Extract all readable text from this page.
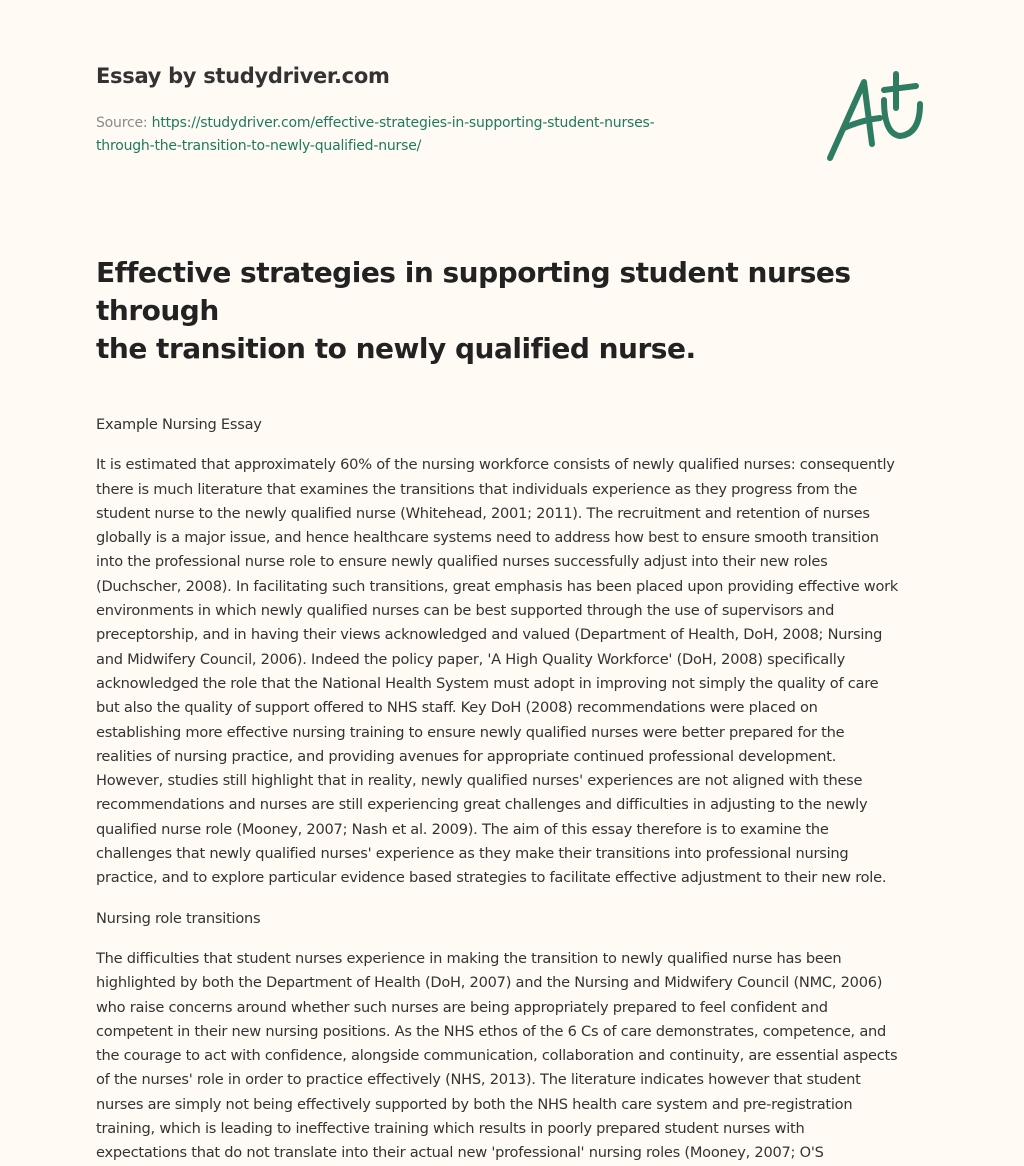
Essay by studydriver.com
Source: https://studydriver.com/effective-strategies-in-supporting-student-nurses-
through-the-transition-to-newly-qualified-nurse/
Effective strategies in supporting student nurses through
the transition to newly qualified nurse.
Example Nursing Essay
It is estimated that approximately 60% of the nursing workforce consists of newly qualified nurses: consequently
there is much literature that examines the transitions that individuals experience as they progress from the
student nurse to the newly qualified nurse (Whitehead, 2001; 2011). The recruitment and retention of nurses
globally is a major issue, and hence healthcare systems need to address how best to ensure smooth transition
into the professional nurse role to ensure newly qualified nurses successfully adjust into their new roles
(Duchscher, 2008). In facilitating such transitions, great emphasis has been placed upon providing effective work
environments in which newly qualified nurses can be best supported through the use of supervisors and
preceptorship, and in having their views acknowledged and valued (Department of Health, DoH, 2008; Nursing
and Midwifery Council, 2006). Indeed the policy paper, 'A High Quality Workforce' (DoH, 2008) specifically
acknowledged the role that the National Health System must adopt in improving not simply the quality of care
but also the quality of support offered to NHS staff. Key DoH (2008) recommendations were placed on
establishing more effective nursing training to ensure newly qualified nurses were better prepared for the
realities of nursing practice, and providing avenues for appropriate continued professional development.
However, studies still highlight that in reality, newly qualified nurses' experiences are not aligned with these
recommendations and nurses are still experiencing great challenges and difficulties in adjusting to the newly
qualified nurse role (Mooney, 2007; Nash et al. 2009). The aim of this essay therefore is to examine the
challenges that newly qualified nurses' experience as they make their transitions into professional nursing
practice, and to explore particular evidence based strategies to facilitate effective adjustment to their new role.
Nursing role transitions
The difficulties that student nurses experience in making the transition to newly qualified nurse has been
highlighted by both the Department of Health (DoH, 2007) and the Nursing and Midwifery Council (NMC, 2006)
who raise concerns around whether such nurses are being appropriately prepared to feel confident and
competent in their new nursing positions. As the NHS ethos of the 6 Cs of care demonstrates, competence, and
the courage to act with confidence, alongside communication, collaboration and continuity, are essential aspects
of the nurses' role in order to practice effectively (NHS, 2013). The literature indicates however that student
nurses are simply not being effectively supported by both the NHS health care system and pre-registration
training, which is leading to ineffective training which results in poorly prepared student nurses with
expectations that do not translate into their actual new 'professional' nursing roles (Mooney, 2007; O'S
